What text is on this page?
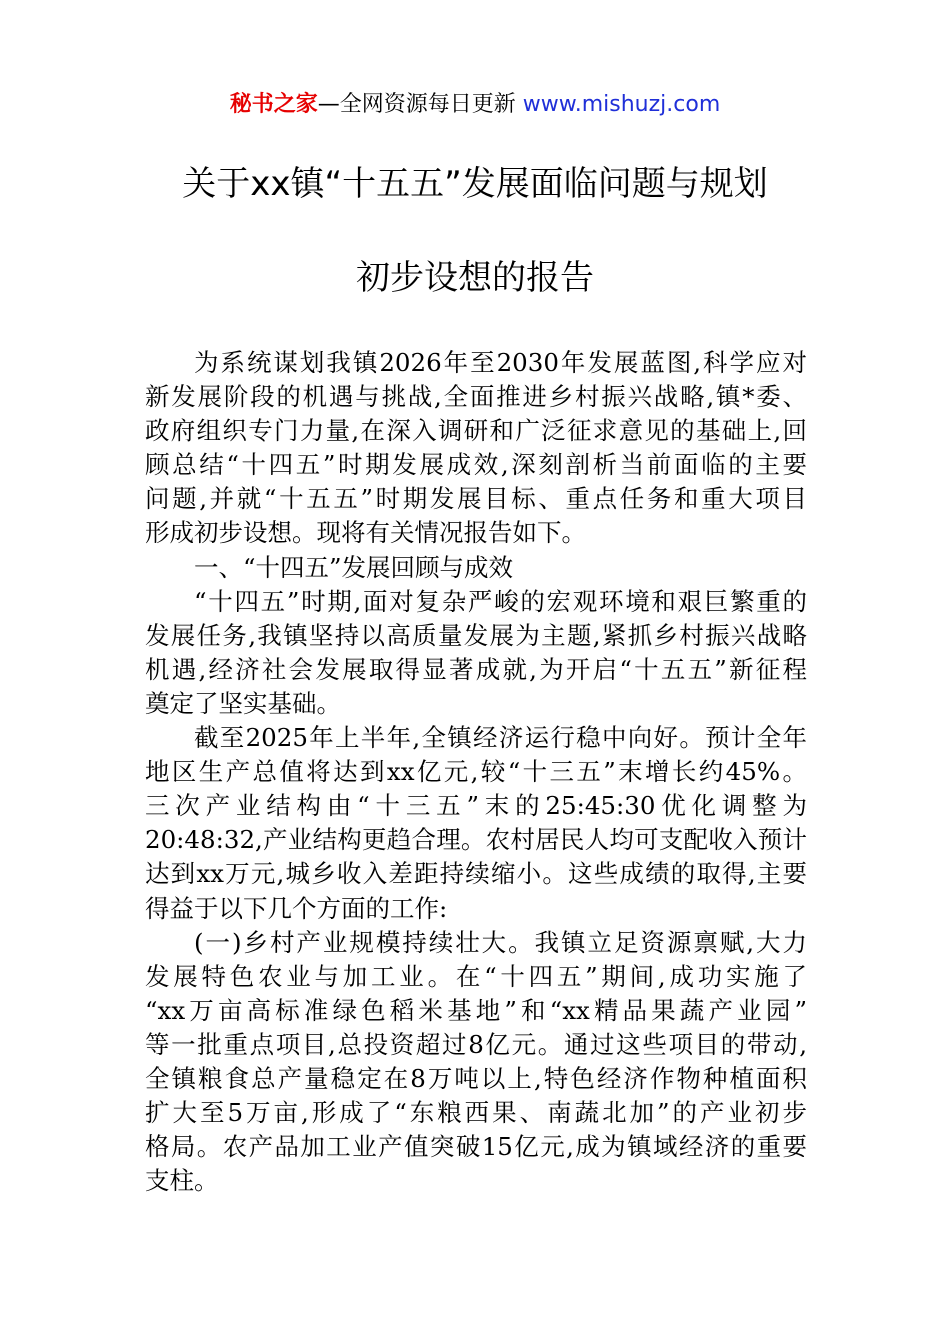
秘书之家—全网资源每日更新 www.mishuzj.com
关于xx镇“十五五”发展面临问题与规划
初步设想的报告
为系统谋划我镇2026年至2030年发展蓝图,科学应对
新发展阶段的机遇与挑战,全面推进乡村振兴战略,镇*委、
政府组织专门力量,在深入调研和广泛征求意见的基础上,回
顾总结“十四五”时期发展成效,深刻剖析当前面临的主要
问题,并就“十五五”时期发展目标、重点任务和重大项目
形成初步设想。现将有关情况报告如下。
一、“十四五”发展回顾与成效
“十四五”时期,面对复杂严峻的宏观环境和艰巨繁重的
发展任务,我镇坚持以高质量发展为主题,紧抓乡村振兴战略
机遇,经济社会发展取得显著成就,为开启“十五五”新征程
奠定了坚实基础。
截至2025年上半年,全镇经济运行稳中向好。预计全年
地区生产总值将达到xx亿元,较“十三五”末增长约45%。
三次产业结构由“十三五”末的25:45:30优化调整为
20:48:32,产业结构更趋合理。农村居民人均可支配收入预计
达到xx万元,城乡收入差距持续缩小。这些成绩的取得,主要
得益于以下几个方面的工作:
(一)乡村产业规模持续壮大。我镇立足资源禀赋,大力
发展特色农业与加工业。在“十四五”期间,成功实施了
“xx万亩高标准绿色稻米基地”和“xx精品果蔬产业园”
等一批重点项目,总投资超过8亿元。通过这些项目的带动,
全镇粮食总产量稳定在8万吨以上,特色经济作物种植面积
扩大至5万亩,形成了“东粮西果、南蔬北加”的产业初步
格局。农产品加工业产值突破15亿元,成为镇域经济的重要
支柱。
